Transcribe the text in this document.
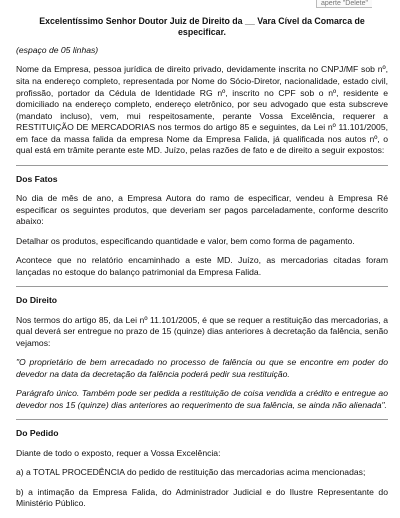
aperte "Delete"
Excelentíssimo Senhor Doutor Juiz de Direito da __ Vara Cível da Comarca de especificar.
(espaço de 05 linhas)

Nome da Empresa, pessoa jurídica de direito privado, devidamente inscrita no CNPJ/MF sob nº, sita na endereço completo, representada por Nome do Sócio-Diretor, nacionalidade, estado civil, profissão, portador da Cédula de Identidade RG nº, inscrito no CPF sob o nº, residente e domiciliado na endereço completo, endereço eletrônico, por seu advogado que esta subscreve (mandato incluso), vem, mui respeitosamente, perante Vossa Excelência, requerer a RESTITUIÇÃO DE MERCADORIAS nos termos do artigo 85 e seguintes, da Lei nº 11.101/2005, em face da massa falida da empresa Nome da Empresa Falida, já qualificada nos autos nº, o qual está em trâmite perante este MD. Juízo, pelas razões de fato e de direito a seguir expostos:

Dos Fatos

No dia de mês de ano, a Empresa Autora do ramo de especificar, vendeu à Empresa Ré especificar os seguintes produtos, que deveriam ser pagos parceladamente, conforme descrito abaixo:

Detalhar os produtos, especificando quantidade e valor, bem como forma de pagamento.

Acontece que no relatório encaminhado a este MD. Juízo, as mercadorias citadas foram lançadas no estoque do balanço patrimonial da Empresa Falida.

Do Direito

Nos termos do artigo 85, da Lei nº 11.101/2005, é que se requer a restituição das mercadorias, a qual deverá ser entregue no prazo de 15 (quinze) dias anteriores à decretação da falência, senão vejamos:

"O proprietário de bem arrecadado no processo de falência ou que se encontre em poder do devedor na data da decretação da falência poderá pedir sua restituição.

Parágrafo único. Também pode ser pedida a restituição de coisa vendida a crédito e entregue ao devedor nos 15 (quinze) dias anteriores ao requerimento de sua falência, se ainda não alienada".

Do Pedido

Diante de todo o exposto, requer a Vossa Excelência:

a) a TOTAL PROCEDÊNCIA do pedido de restituição das mercadorias acima mencionadas;

b) a intimação da Empresa Falida, do Administrador Judicial e do Ilustre Representante do Ministério Público.
